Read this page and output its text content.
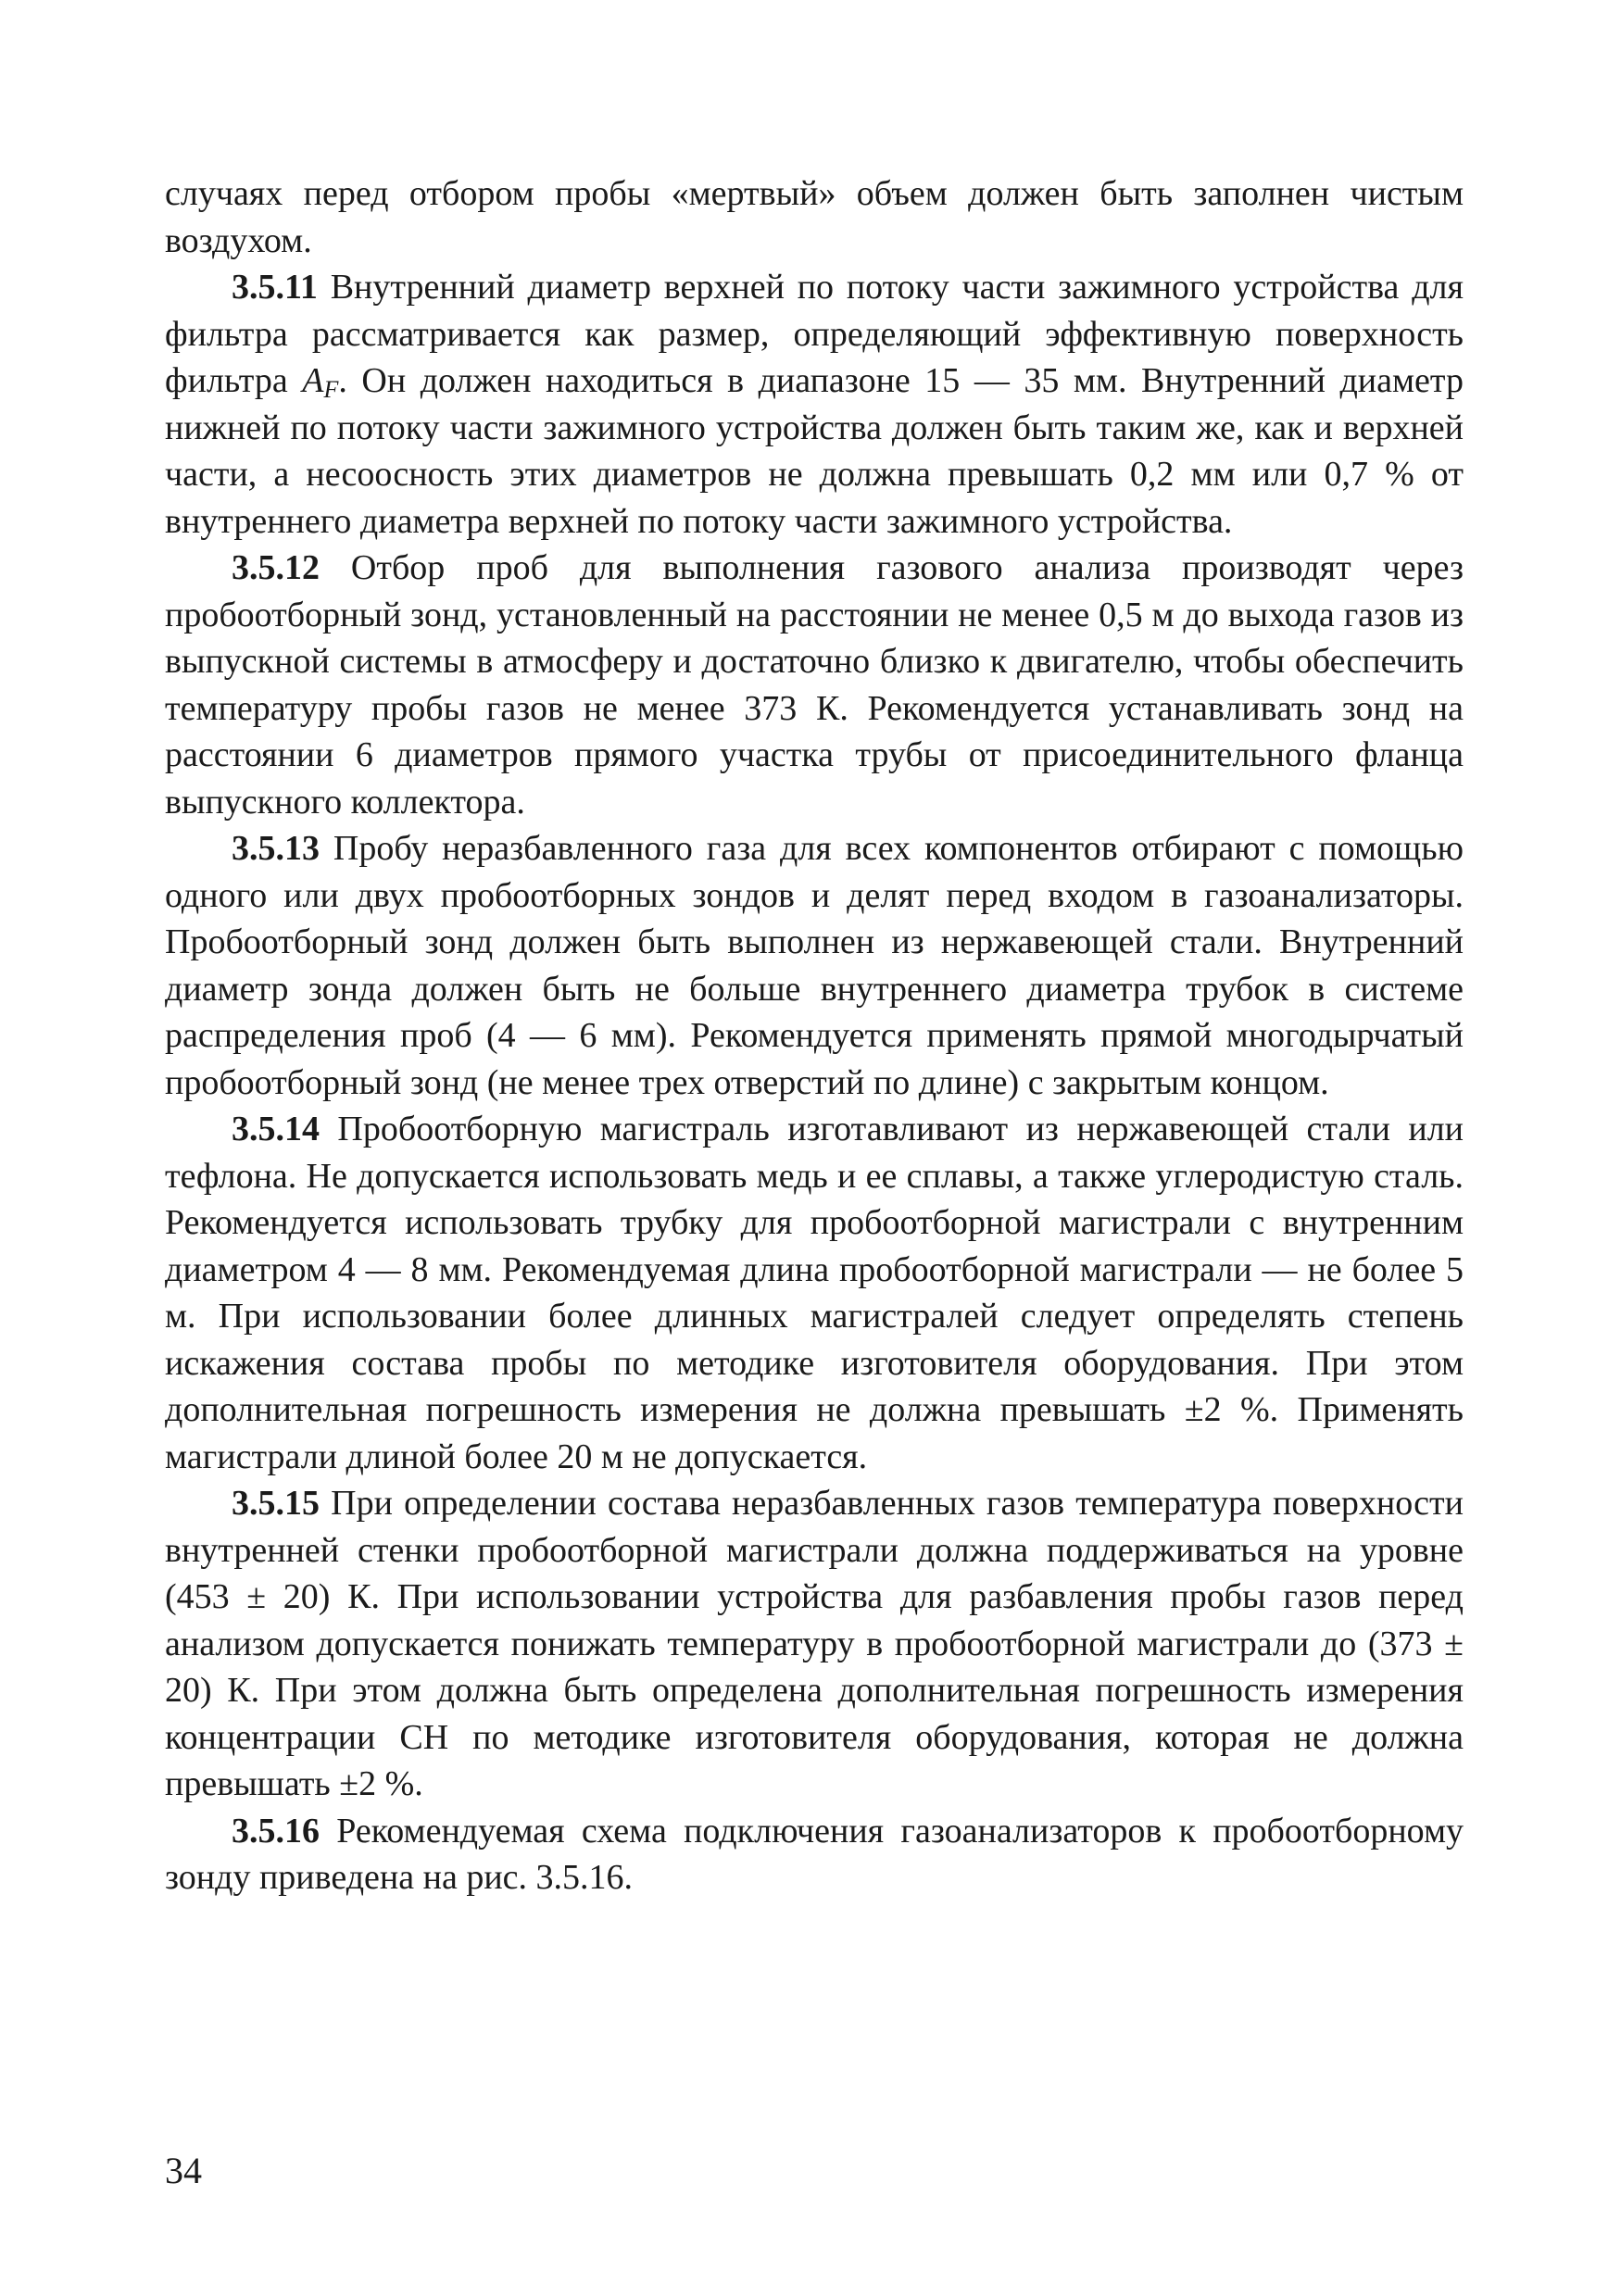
случаях перед отбором пробы «мертвый» объем должен быть заполнен чистым воздухом.

3.5.11 Внутренний диаметр верхней по потоку части зажимного устройства для фильтра рассматривается как размер, определяющий эффективную поверхность фильтра $A_F$. Он должен находиться в диапазоне 15 — 35 мм. Внутренний диаметр нижней по потоку части зажимного устройства должен быть таким же, как и верхней части, а несоосность этих диаметров не должна превышать 0,2 мм или 0,7 % от внутреннего диаметра верхней по потоку части зажимного устройства.

3.5.12 Отбор проб для выполнения газового анализа производят через пробоотборный зонд, установленный на расстоянии не менее 0,5 м до выхода газов из выпускной системы в атмосферу и достаточно близко к двигателю, чтобы обеспечить температуру пробы газов не менее 373 К. Рекомендуется устанавливать зонд на расстоянии 6 диаметров прямого участка трубы от присоединительного фланца выпускного коллектора.

3.5.13 Пробу неразбавленного газа для всех компонентов отбирают с помощью одного или двух пробоотборных зондов и делят перед входом в газоанализаторы. Пробоотборный зонд должен быть выполнен из нержавеющей стали. Внутренний диаметр зонда должен быть не больше внутреннего диаметра трубок в системе распределения проб (4 — 6 мм). Рекомендуется применять прямой многодырчатый пробоотборный зонд (не менее трех отверстий по длине) с закрытым концом.

3.5.14 Пробоотборную магистраль изготавливают из нержавеющей стали или тефлона. Не допускается использовать медь и ее сплавы, а также углеродистую сталь. Рекомендуется использовать трубку для пробоотборной магистрали с внутренним диаметром 4 — 8 мм. Рекомендуемая длина пробоотборной магистрали — не более 5 м. При использовании более длинных магистралей следует определять степень искажения состава пробы по методике изготовителя оборудования. При этом дополнительная погрешность измерения не должна превышать ±2 %. Применять магистрали длиной более 20 м не допускается.

3.5.15 При определении состава неразбавленных газов температура поверхности внутренней стенки пробоотборной магистрали должна поддерживаться на уровне (453 ± 20) К. При использовании устройства для разбавления пробы газов перед анализом допускается понижать температуру в пробоотборной магистрали до (373 ± 20) К. При этом должна быть определена дополнительная погрешность измерения концентрации СН по методике изготовителя оборудования, которая не должна превышать ±2 %.

3.5.16 Рекомендуемая схема подключения газоанализаторов к пробоотборному зонду приведена на рис. 3.5.16.

34
